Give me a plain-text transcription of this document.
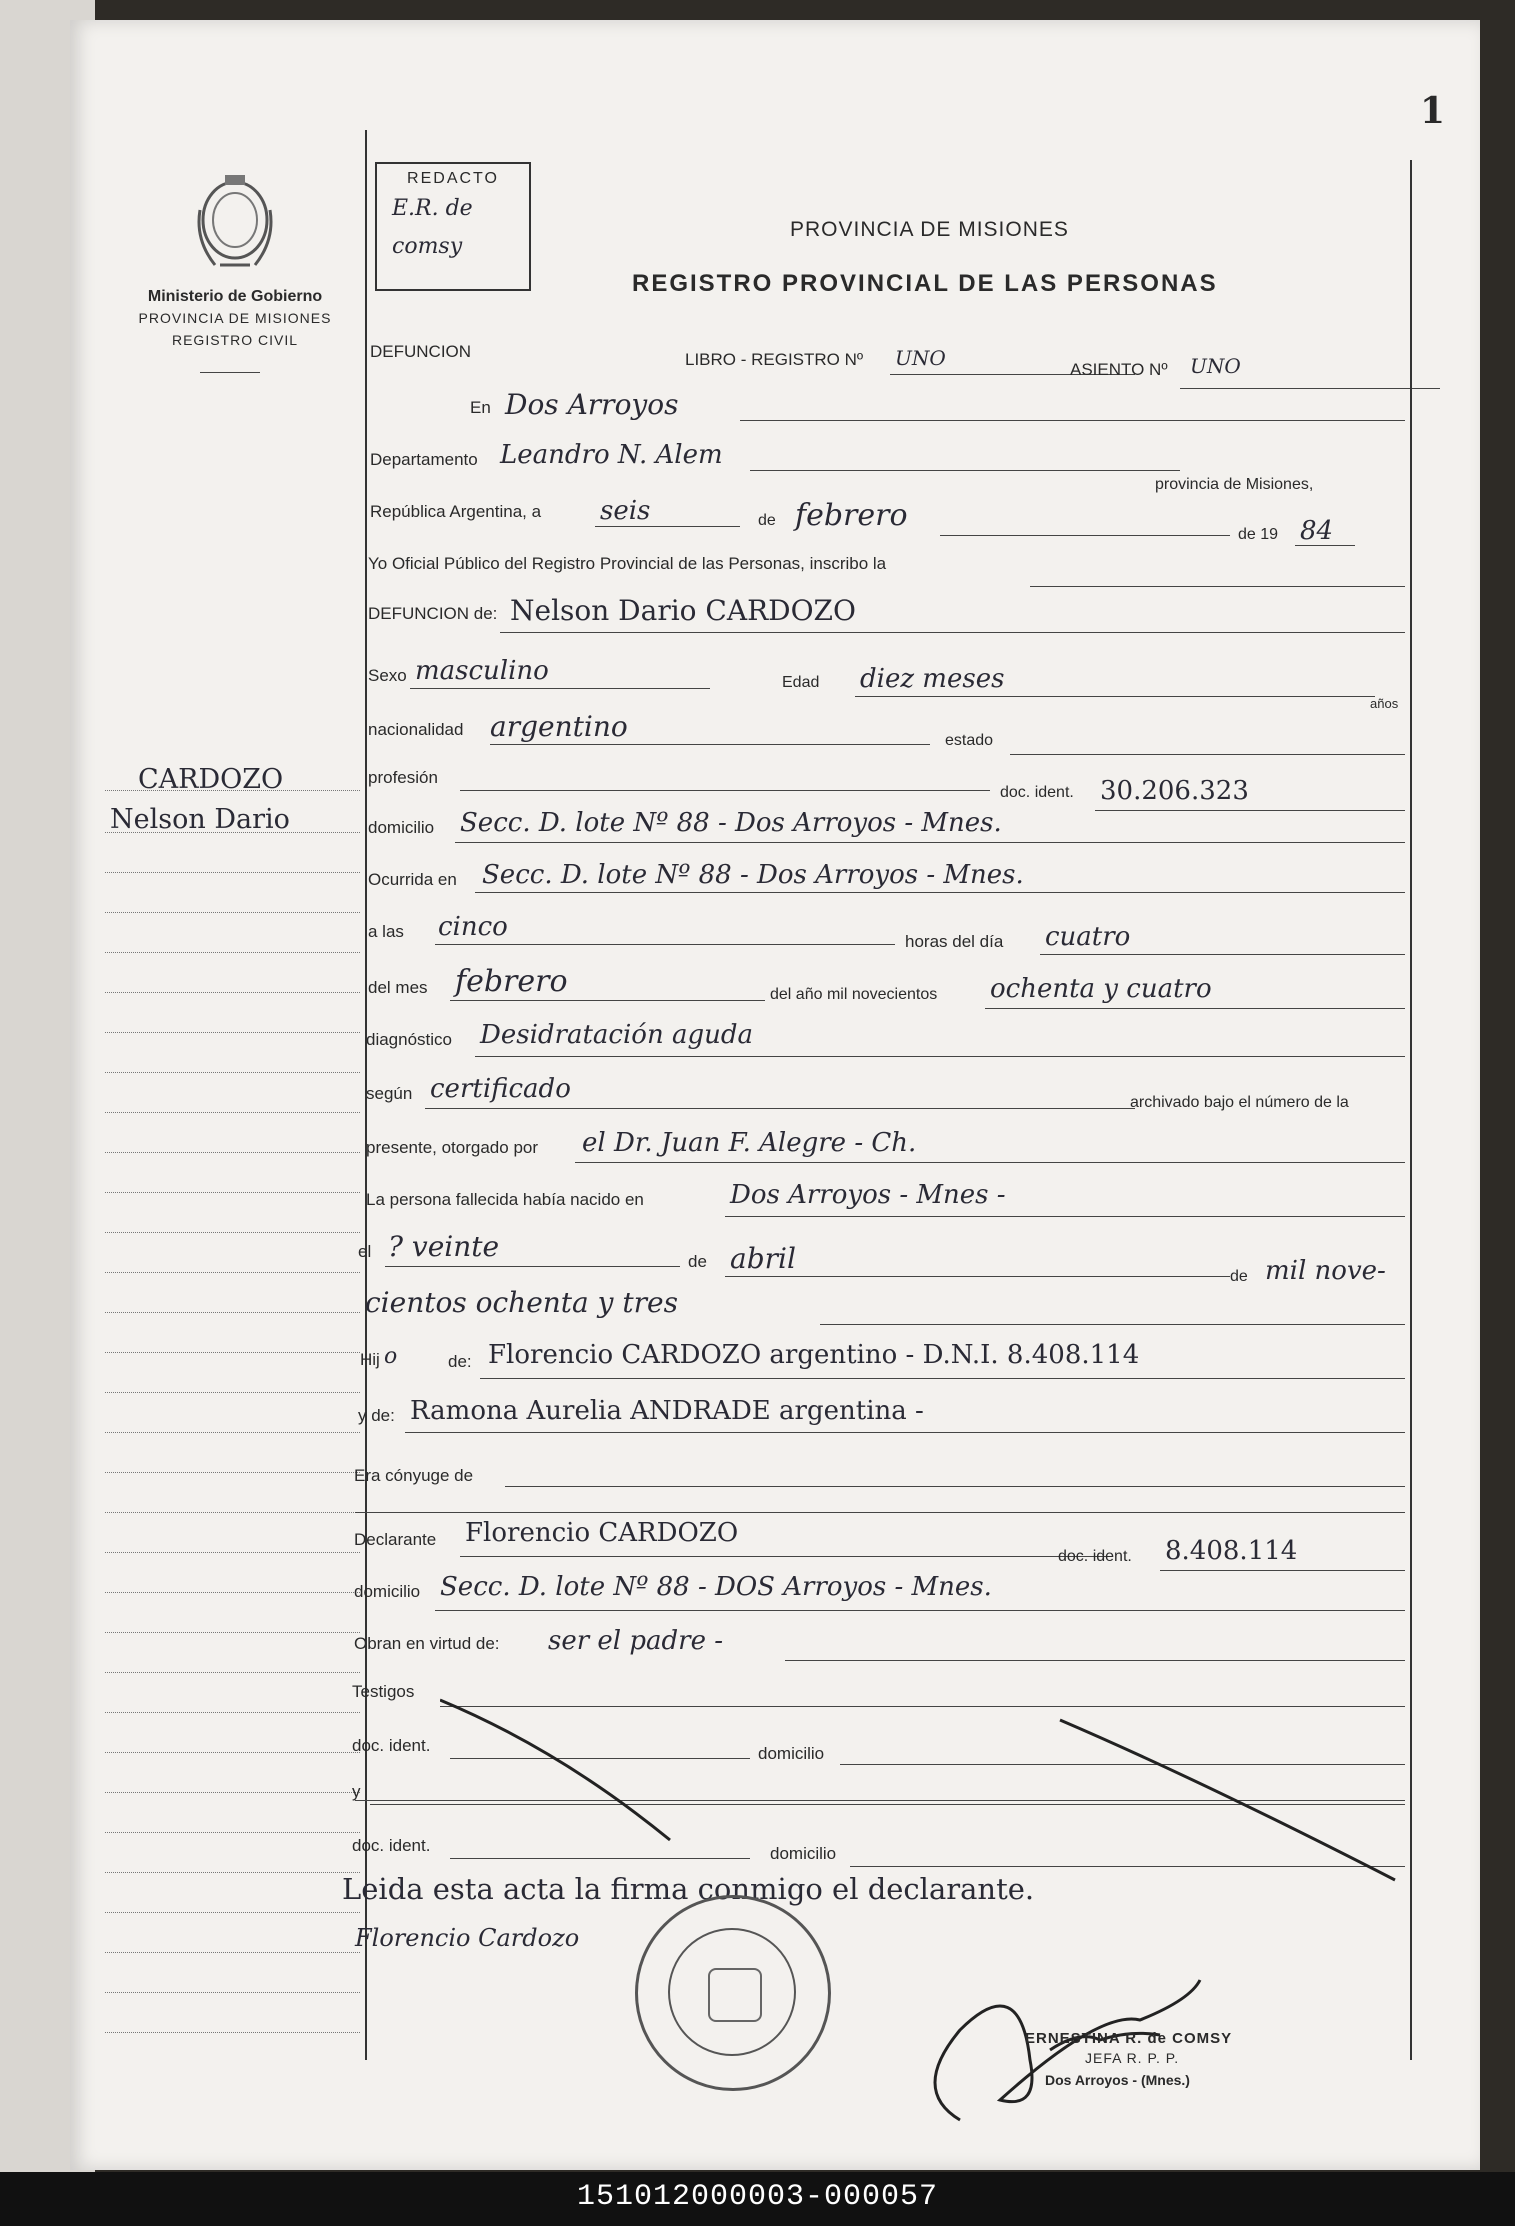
1
Ministerio de Gobierno
PROVINCIA DE MISIONES
REGISTRO CIVIL
REDACTO
E.R. de
comsy
PROVINCIA DE MISIONES
REGISTRO PROVINCIAL DE LAS PERSONAS
DEFUNCION	LIBRO - REGISTRO Nº UNO	ASIENTO Nº UNO
CARDOZO
Nelson Dario
En Dos Arroyos
Departamento Leandro N. Alem
provincia de Misiones,
República Argentina, a seis	de febrero
de 19 84
Yo Oficial Público del Registro Provincial de las Personas, inscribo la
DEFUNCION de: Nelson Dario CARDOZO
Sexo masculino	Edad diez meses
años
nacionalidad argentino	estado
profesión
doc. ident. 30.206.323
domicilio Secc. D. lote Nº 88 - Dos Arroyos - Mnes.
Ocurrida en Secc. D. lote Nº 88 - Dos Arroyos - Mnes.
a las cinco	horas del día cuatro
del mes febrero	del año mil novecientos ochenta y cuatro
diagnóstico Desidratación aguda
según certificado	archivado bajo el número de la
presente, otorgado por el Dr. Juan F. Alegre - Ch.
La persona fallecida había nacido en	Dos Arroyos - Mnes -
el ? veinte	de abril
de mil nove-
cientos ochenta y tres
Hij o	de: Florencio CARDOZO argentino - D.N.I. 8.408.114
y de: Ramona Aurelia ANDRADE argentina -
Era cónyuge de
Declarante Florencio CARDOZO
doc. ident. 8.408.114
domicilio Secc. D. lote Nº 88 - DOS Arroyos - Mnes.
Obran en virtud de: ser el padre -
Testigos
doc. ident.	domicilio
y
doc. ident.	domicilio
Leida esta acta la firma conmigo el declarante.
Florencio Cardozo
ERNESTINA R. de COMSY
JEFA R. P. P.
Dos Arroyos - (Mnes.)
151012000003-000057
